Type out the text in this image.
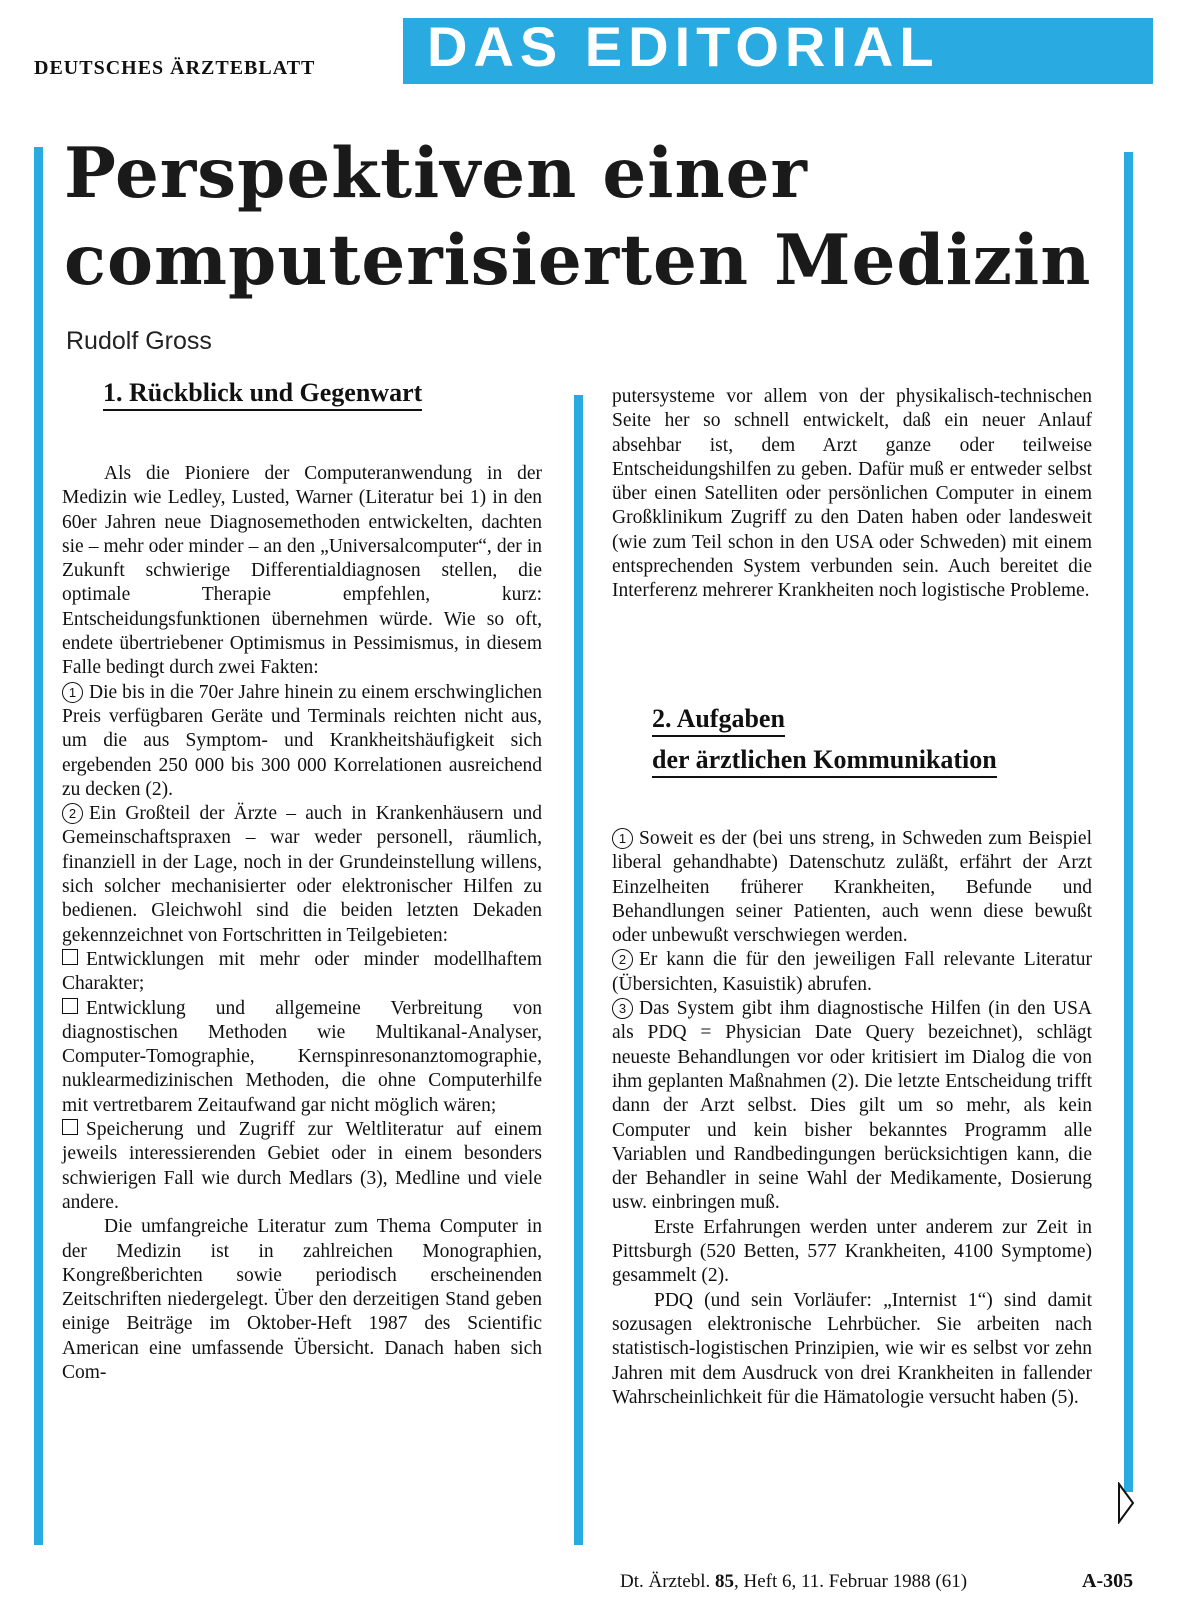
DEUTSCHES ÄRZTEBLATT DAS EDITORIAL
Perspektiven einer
computerisierten Medizin
Rudolf Gross
1. Rückblick und Gegenwart

Als die Pioniere der Computeranwendung in der Medizin wie Ledley, Lusted, Warner (Literatur bei 1) in den 60er Jahren neue Diagnosemethoden entwickelten, dachten sie – mehr oder minder – an den „Universalcomputer“, der in Zukunft schwierige Differentialdiagnosen stellen, die optimale Therapie empfehlen, kurz: Entscheidungsfunktionen übernehmen würde. Wie so oft, endete übertriebener Optimismus in Pessimismus, in diesem Falle bedingt durch zwei Fakten:

1 Die bis in die 70er Jahre hinein zu einem erschwinglichen Preis verfügbaren Geräte und Terminals reichten nicht aus, um die aus Symptom- und Krankheitshäufigkeit sich ergebenden 250 000 bis 300 000 Korrelationen ausreichend zu decken (2).

2 Ein Großteil der Ärzte – auch in Krankenhäusern und Gemeinschaftspraxen – war weder personell, räumlich, finanziell in der Lage, noch in der Grundeinstellung willens, sich solcher mechanisierter oder elektronischer Hilfen zu bedienen. Gleichwohl sind die beiden letzten Dekaden gekennzeichnet von Fortschritten in Teilgebieten:

Entwicklungen mit mehr oder minder modellhaftem Charakter;

Entwicklung und allgemeine Verbreitung von diagnostischen Methoden wie Multikanal-Analyser, Computer-Tomographie, Kernspinresonanztomographie, nuklearmedizinischen Methoden, die ohne Computerhilfe mit vertretbarem Zeitaufwand gar nicht möglich wären;

Speicherung und Zugriff zur Weltliteratur auf einem jeweils interessierenden Gebiet oder in einem besonders schwierigen Fall wie durch Medlars (3), Medline und viele andere.

Die umfangreiche Literatur zum Thema Computer in der Medizin ist in zahlreichen Monographien, Kongreßberichten sowie periodisch erscheinenden Zeitschriften niedergelegt. Über den derzeitigen Stand geben einige Beiträge im Oktober-Heft 1987 des Scientific American eine umfassende Übersicht. Danach haben sich Com-

putersysteme vor allem von der physikalisch-technischen Seite her so schnell entwickelt, daß ein neuer Anlauf absehbar ist, dem Arzt ganze oder teilweise Entscheidungshilfen zu geben. Dafür muß er entweder selbst über einen Satelliten oder persönlichen Computer in einem Großklinikum Zugriff zu den Daten haben oder landesweit (wie zum Teil schon in den USA oder Schweden) mit einem entsprechenden System verbunden sein. Auch bereitet die Interferenz mehrerer Krankheiten noch logistische Probleme.

2. Aufgaben
der ärztlichen Kommunikation

1 Soweit es der (bei uns streng, in Schweden zum Beispiel liberal gehandhabte) Datenschutz zuläßt, erfährt der Arzt Einzelheiten früherer Krankheiten, Befunde und Behandlungen seiner Patienten, auch wenn diese bewußt oder unbewußt verschwiegen werden.

2 Er kann die für den jeweiligen Fall relevante Literatur (Übersichten, Kasuistik) abrufen.

3 Das System gibt ihm diagnostische Hilfen (in den USA als PDQ = Physician Date Query bezeichnet), schlägt neueste Behandlungen vor oder kritisiert im Dialog die von ihm geplanten Maßnahmen (2). Die letzte Entscheidung trifft dann der Arzt selbst. Dies gilt um so mehr, als kein Computer und kein bisher bekanntes Programm alle Variablen und Randbedingungen berücksichtigen kann, die der Behandler in seine Wahl der Medikamente, Dosierung usw. einbringen muß.

Erste Erfahrungen werden unter anderem zur Zeit in Pittsburgh (520 Betten, 577 Krankheiten, 4100 Symptome) gesammelt (2).

PDQ (und sein Vorläufer: „Internist 1“) sind damit sozusagen elektronische Lehrbücher. Sie arbeiten nach statistisch-logistischen Prinzipien, wie wir es selbst vor zehn Jahren mit dem Ausdruck von drei Krankheiten in fallender Wahrscheinlichkeit für die Hämatologie versucht haben (5).

Dt. Ärztebl. 85, Heft 6, 11. Februar 1988 (61)	A-305
